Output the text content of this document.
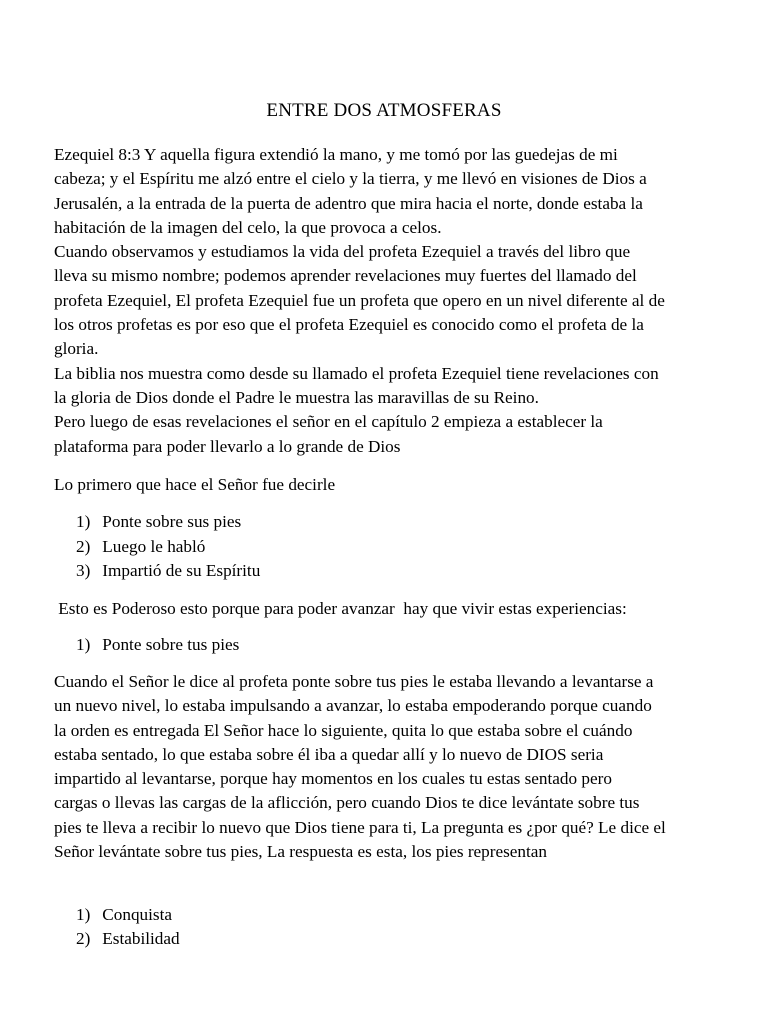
ENTRE DOS ATMOSFERAS
Ezequiel 8:3 Y aquella figura extendió la mano, y me tomó por las guedejas de mi
cabeza; y el Espíritu me alzó entre el cielo y la tierra, y me llevó en visiones de Dios a
Jerusalén, a la entrada de la puerta de adentro que mira hacia el norte, donde estaba la
habitación de la imagen del celo, la que provoca a celos.
Cuando observamos y estudiamos la vida del profeta Ezequiel a través del libro que
lleva su mismo nombre; podemos aprender revelaciones muy fuertes del llamado del
profeta Ezequiel, El profeta Ezequiel fue un profeta que opero en un nivel diferente al de
los otros profetas es por eso que el profeta Ezequiel es conocido como el profeta de la
gloria.
La biblia nos muestra como desde su llamado el profeta Ezequiel tiene revelaciones con
la gloria de Dios donde el Padre le muestra las maravillas de su Reino.
Pero luego de esas revelaciones el señor en el capítulo 2 empieza a establecer la
plataforma para poder llevarlo a lo grande de Dios
Lo primero que hace el Señor fue decirle
1) Ponte sobre sus pies
2) Luego le habló
3) Impartió de su Espíritu
Esto es Poderoso esto porque para poder avanzar  hay que vivir estas experiencias:
1) Ponte sobre tus pies
Cuando el Señor le dice al profeta ponte sobre tus pies le estaba llevando a levantarse a
un nuevo nivel, lo estaba impulsando a avanzar, lo estaba empoderando porque cuando
la orden es entregada El Señor hace lo siguiente, quita lo que estaba sobre el cuándo
estaba sentado, lo que estaba sobre él iba a quedar allí y lo nuevo de DIOS seria
impartido al levantarse, porque hay momentos en los cuales tu estas sentado pero
cargas o llevas las cargas de la aflicción, pero cuando Dios te dice levántate sobre tus
pies te lleva a recibir lo nuevo que Dios tiene para ti, La pregunta es ¿por qué? Le dice el
Señor levántate sobre tus pies, La respuesta es esta, los pies representan
1) Conquista
2) Estabilidad
